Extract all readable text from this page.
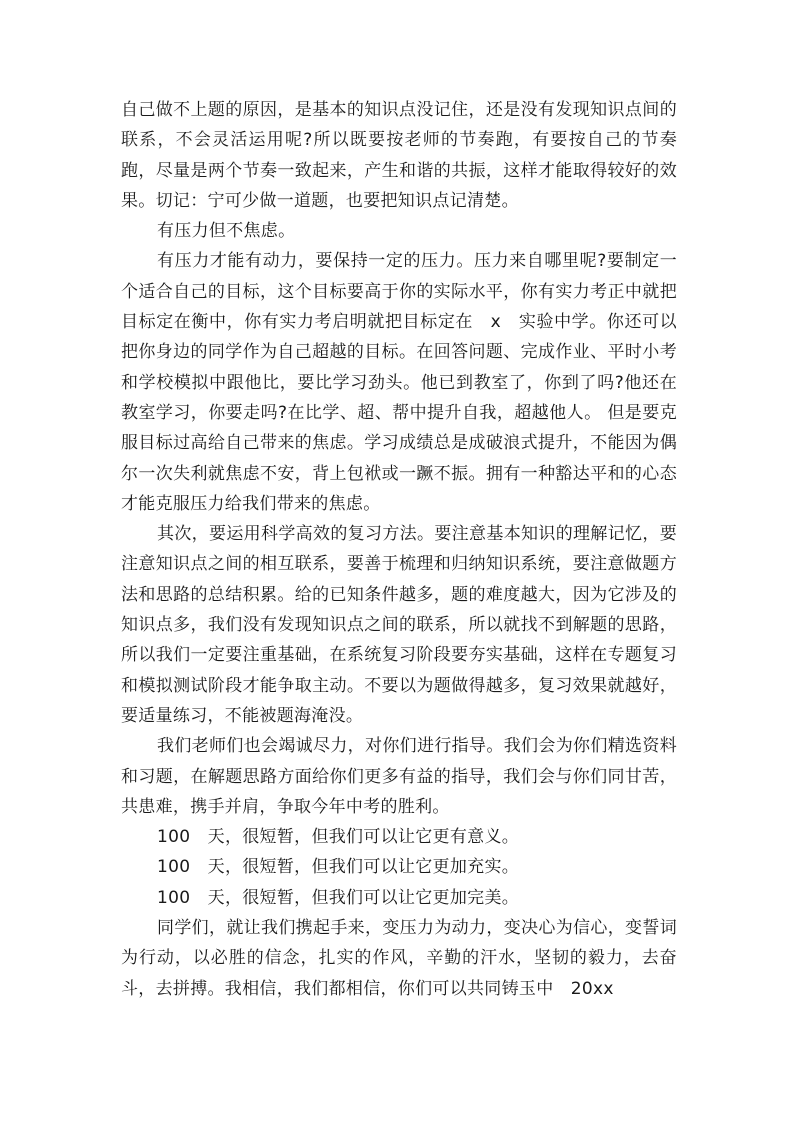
自己做不上题的原因，是基本的知识点没记住，还是没有发现知识点间的联系，不会灵活运用呢?所以既要按老师的节奏跑，有要按自己的节奏跑，尽量是两个节奏一致起来，产生和谐的共振，这样才能取得较好的效果。切记：宁可少做一道题，也要把知识点记清楚。

有压力但不焦虑。

有压力才能有动力，要保持一定的压力。压力来自哪里呢?要制定一个适合自己的目标，这个目标要高于你的实际水平，你有实力考正中就把目标定在衡中，你有实力考启明就把目标定在　x　实验中学。你还可以把你身边的同学作为自己超越的目标。在回答问题、完成作业、平时小考和学校模拟中跟他比，要比学习劲头。他已到教室了，你到了吗?他还在教室学习，你要走吗?在比学、超、帮中提升自我，超越他人。 但是要克服目标过高给自己带来的焦虑。学习成绩总是成破浪式提升，不能因为偶尔一次失利就焦虑不安，背上包袱或一蹶不振。拥有一种豁达平和的心态才能克服压力给我们带来的焦虑。

其次，要运用科学高效的复习方法。要注意基本知识的理解记忆，要注意知识点之间的相互联系，要善于梳理和归纳知识系统，要注意做题方法和思路的总结积累。给的已知条件越多，题的难度越大，因为它涉及的知识点多，我们没有发现知识点之间的联系，所以就找不到解题的思路，所以我们一定要注重基础，在系统复习阶段要夯实基础，这样在专题复习和模拟测试阶段才能争取主动。不要以为题做得越多，复习效果就越好，要适量练习，不能被题海淹没。

我们老师们也会竭诚尽力，对你们进行指导。我们会为你们精选资料和习题，在解题思路方面给你们更多有益的指导，我们会与你们同甘苦，共患难，携手并肩，争取今年中考的胜利。

100　天，很短暂，但我们可以让它更有意义。

100　天，很短暂，但我们可以让它更加充实。

100　天，很短暂，但我们可以让它更加完美。

同学们，就让我们携起手来，变压力为动力，变决心为信心，变誓词为行动，以必胜的信念，扎实的作风，辛勤的汗水，坚韧的毅力，去奋斗，去拼搏。我相信，我们都相信，你们可以共同铸玉中　20xx
